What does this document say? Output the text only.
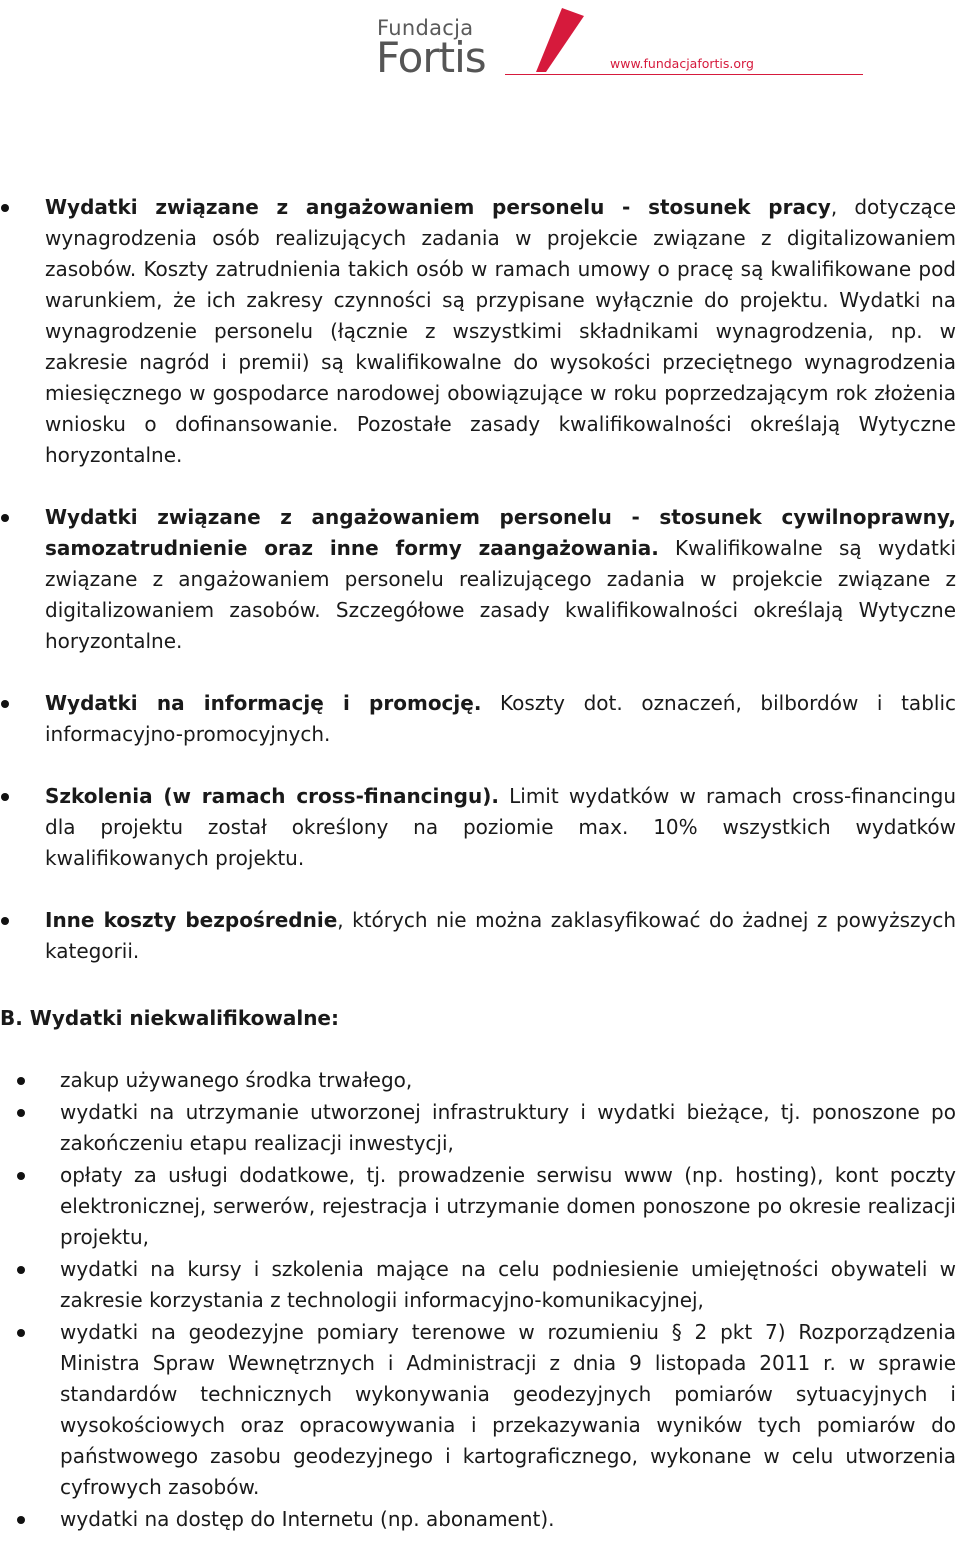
Fundacja
Fortis	www.fundacjafortis.org
Wydatki związane z angażowaniem personelu - stosunek pracy, dotyczące wynagrodzenia osób realizujących zadania w projekcie związane z digitalizowaniem zasobów. Koszty zatrudnienia takich osób w ramach umowy o pracę są kwalifikowane pod warunkiem, że ich zakresy czynności są przypisane wyłącznie do projektu. Wydatki na wynagrodzenie personelu (łącznie z wszystkimi składnikami wynagrodzenia, np. w zakresie nagród i premii) są kwalifikowalne do wysokości przeciętnego wynagrodzenia miesięcznego w gospodarce narodowej obowiązujące w roku poprzedzającym rok złożenia wniosku o dofinansowanie. Pozostałe zasady kwalifikowalności określają Wytyczne horyzontalne.
Wydatki związane z angażowaniem personelu - stosunek cywilnoprawny, samozatrudnienie oraz inne formy zaangażowania. Kwalifikowalne są wydatki związane z angażowaniem personelu realizującego zadania w projekcie związane z digitalizowaniem zasobów. Szczegółowe zasady kwalifikowalności określają Wytyczne horyzontalne.
Wydatki na informację i promocję. Koszty dot. oznaczeń, bilbordów i tablic informacyjno-promocyjnych.
Szkolenia (w ramach cross-financingu). Limit wydatków w ramach cross-financingu dla projektu został określony na poziomie max. 10% wszystkich wydatków kwalifikowanych projektu.
Inne koszty bezpośrednie, których nie można zaklasyfikować do żadnej z powyższych kategorii.
B. Wydatki niekwalifikowalne:
zakup używanego środka trwałego,
wydatki na utrzymanie utworzonej infrastruktury i wydatki bieżące, tj. ponoszone po zakończeniu etapu realizacji inwestycji,
opłaty za usługi dodatkowe, tj. prowadzenie serwisu www (np. hosting), kont poczty elektronicznej, serwerów, rejestracja i utrzymanie domen ponoszone po okresie realizacji projektu,
wydatki na kursy i szkolenia mające na celu podniesienie umiejętności obywateli w zakresie korzystania z technologii informacyjno-komunikacyjnej,
wydatki na geodezyjne pomiary terenowe w rozumieniu § 2 pkt 7) Rozporządzenia Ministra Spraw Wewnętrznych i Administracji z dnia 9 listopada 2011 r. w sprawie standardów technicznych wykonywania geodezyjnych pomiarów sytuacyjnych i wysokościowych oraz opracowywania i przekazywania wyników tych pomiarów do państwowego zasobu geodezyjnego i kartograficznego, wykonane w celu utworzenia cyfrowych zasobów.
wydatki na dostęp do Internetu (np. abonament).
